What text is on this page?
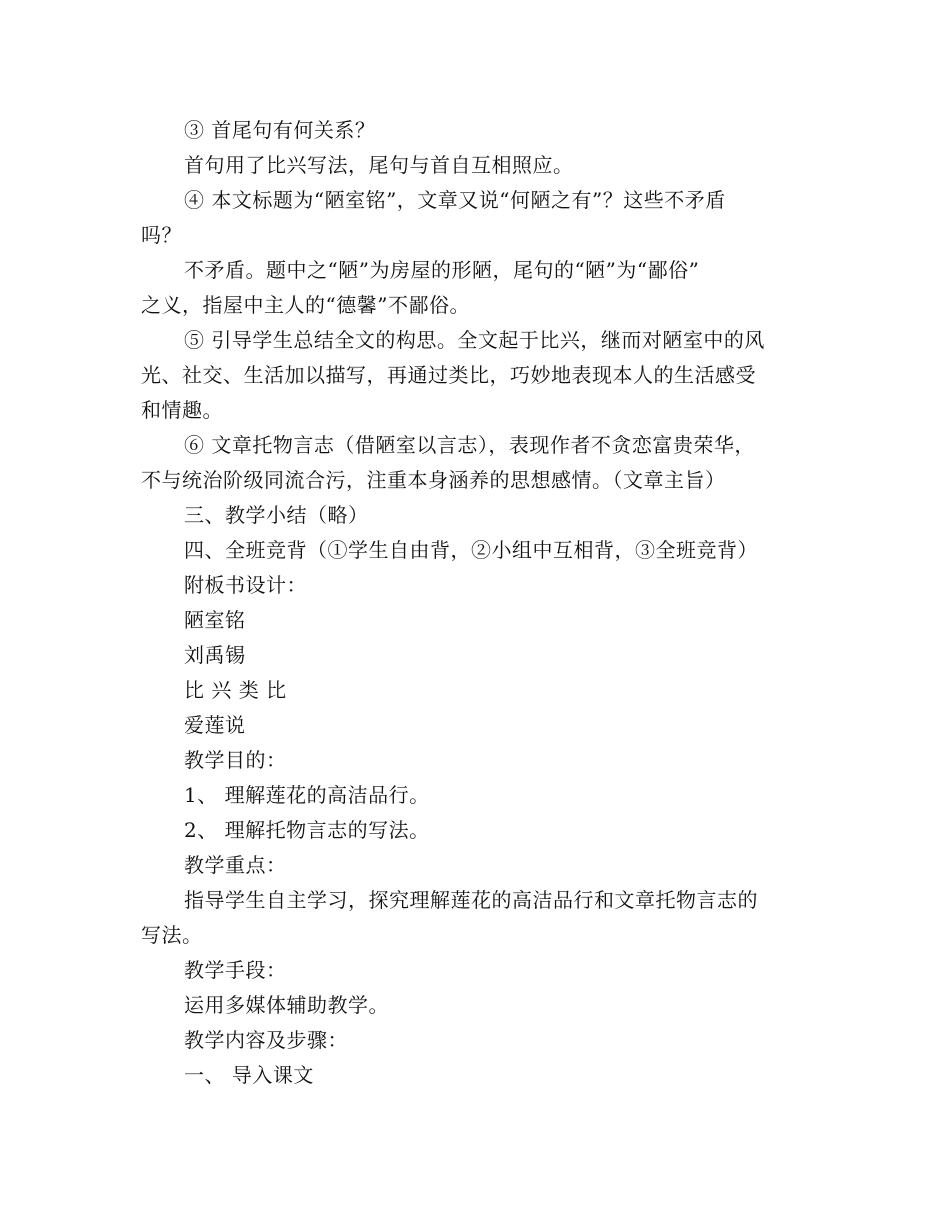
③ 首尾句有何关系？
首句用了比兴写法，尾句与首自互相照应。
④ 本文标题为“陋室铭”，文章又说“何陋之有”？这些不矛盾
吗？
不矛盾。题中之“陋”为房屋的形陋，尾句的“陋”为“鄙俗”
之义，指屋中主人的“德馨”不鄙俗。
⑤ 引导学生总结全文的构思。全文起于比兴，继而对陋室中的风
光、社交、生活加以描写，再通过类比，巧妙地表现本人的生活感受
和情趣。
⑥ 文章托物言志（借陋室以言志），表现作者不贪恋富贵荣华，
不与统治阶级同流合污，注重本身涵养的思想感情。（文章主旨）
三、教学小结（略）
四、全班竞背（①学生自由背，②小组中互相背，③全班竞背）
附板书设计：
陋室铭
刘禹锡
比 兴 类 比
爱莲说
教学目的：
1、 理解莲花的高洁品行。
2、 理解托物言志的写法。
教学重点：
指导学生自主学习，探究理解莲花的高洁品行和文章托物言志的
写法。
教学手段：
运用多媒体辅助教学。
教学内容及步骤：
一、 导入课文
